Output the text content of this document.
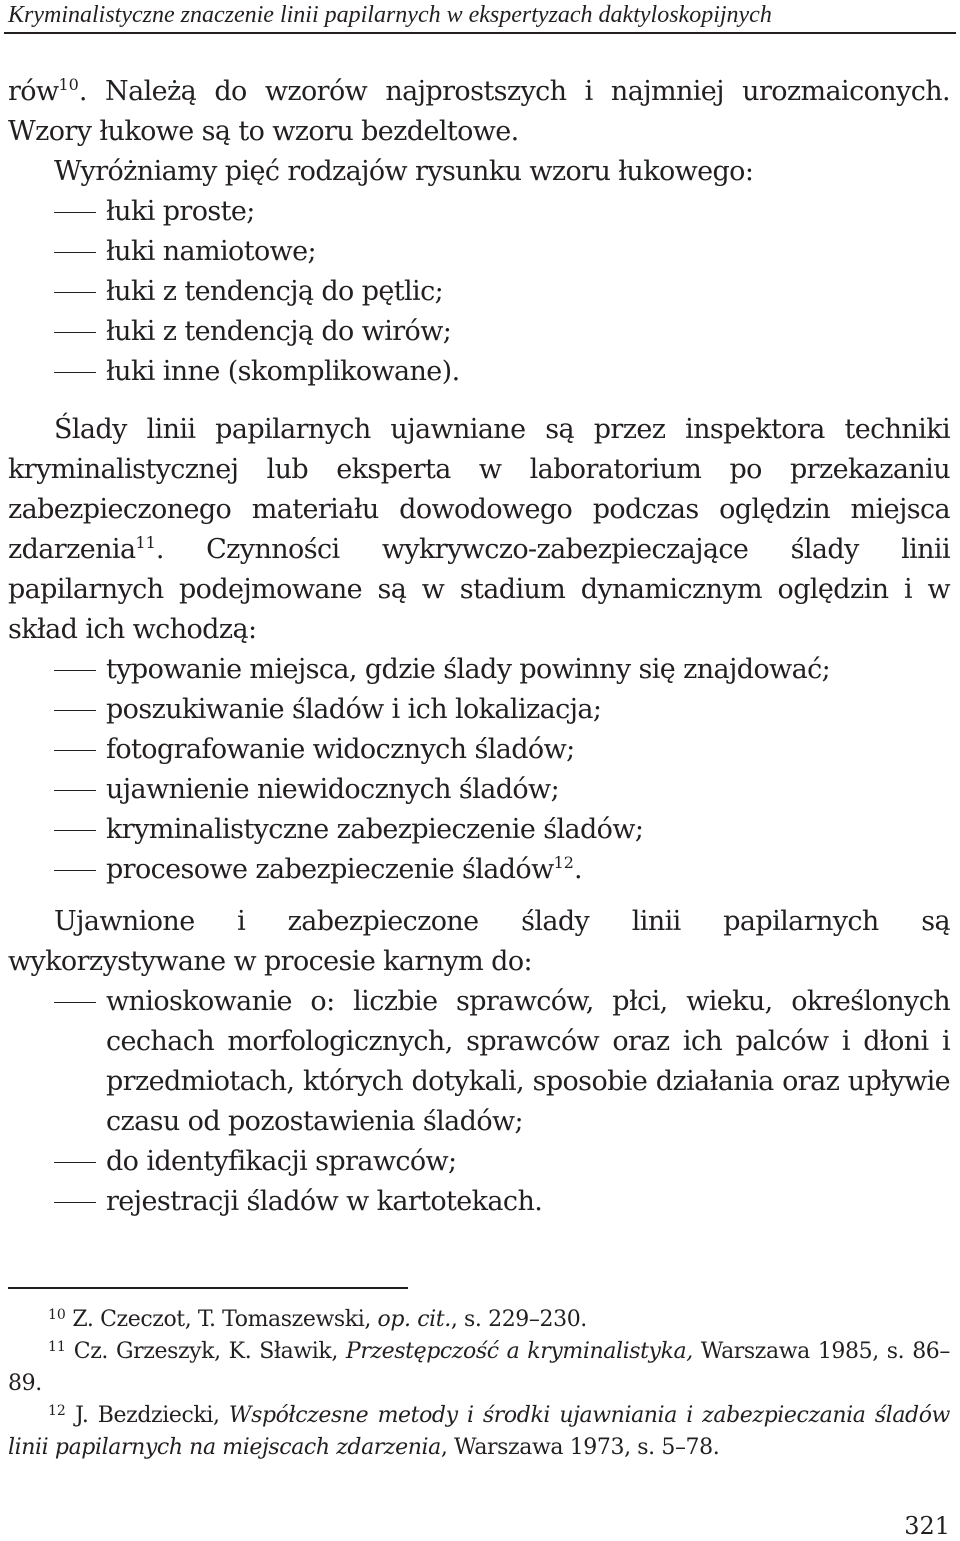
Kryminalistyczne znaczenie linii papilarnych w ekspertyzach daktyloskopijnych

rów$^{10}$. Należą do wzorów najprostszych i najmniej urozmaiconych. Wzory łukowe są to wzoru bezdeltowe.

Wyróżniamy pięć rodzajów rysunku wzoru łukowego:

łuki proste;
łuki namiotowe;
łuki z tendencją do pętlic;
łuki z tendencją do wirów;
łuki inne (skomplikowane).

Ślady linii papilarnych ujawniane są przez inspektora techniki kryminalistycznej lub eksperta w laboratorium po przekazaniu zabezpieczonego materiału dowodowego podczas oględzin miejsca zdarzenia$^{11}$. Czynności wykrywczo-zabezpieczające ślady linii papilarnych podejmowane są w stadium dynamicznym oględzin i w skład ich wchodzą:

typowanie miejsca, gdzie ślady powinny się znajdować;
poszukiwanie śladów i ich lokalizacja;
fotografowanie widocznych śladów;
ujawnienie niewidocznych śladów;
kryminalistyczne zabezpieczenie śladów;
procesowe zabezpieczenie śladów$^{12}$.

Ujawnione i zabezpieczone ślady linii papilarnych są wykorzystywane w procesie karnym do:

wnioskowanie o: liczbie sprawców, płci, wieku, określonych cechach morfologicznych, sprawców oraz ich palców i dłoni i przedmiotach, których dotykali, sposobie działania oraz upływie czasu od pozostawienia śladów;
do identyfikacji sprawców;
rejestracji śladów w kartotekach.

$^{10}$ Z. Czeczot, T. Tomaszewski, op. cit., s. 229–230.

$^{11}$ Cz. Grzeszyk, K. Sławik, Przestępczość a kryminalistyka, Warszawa 1985, s. 86–89.

$^{12}$ J. Bezdziecki, Współczesne metody i środki ujawniania i zabezpieczania śladów linii papilarnych na miejscach zdarzenia, Warszawa 1973, s. 5–78.

321
